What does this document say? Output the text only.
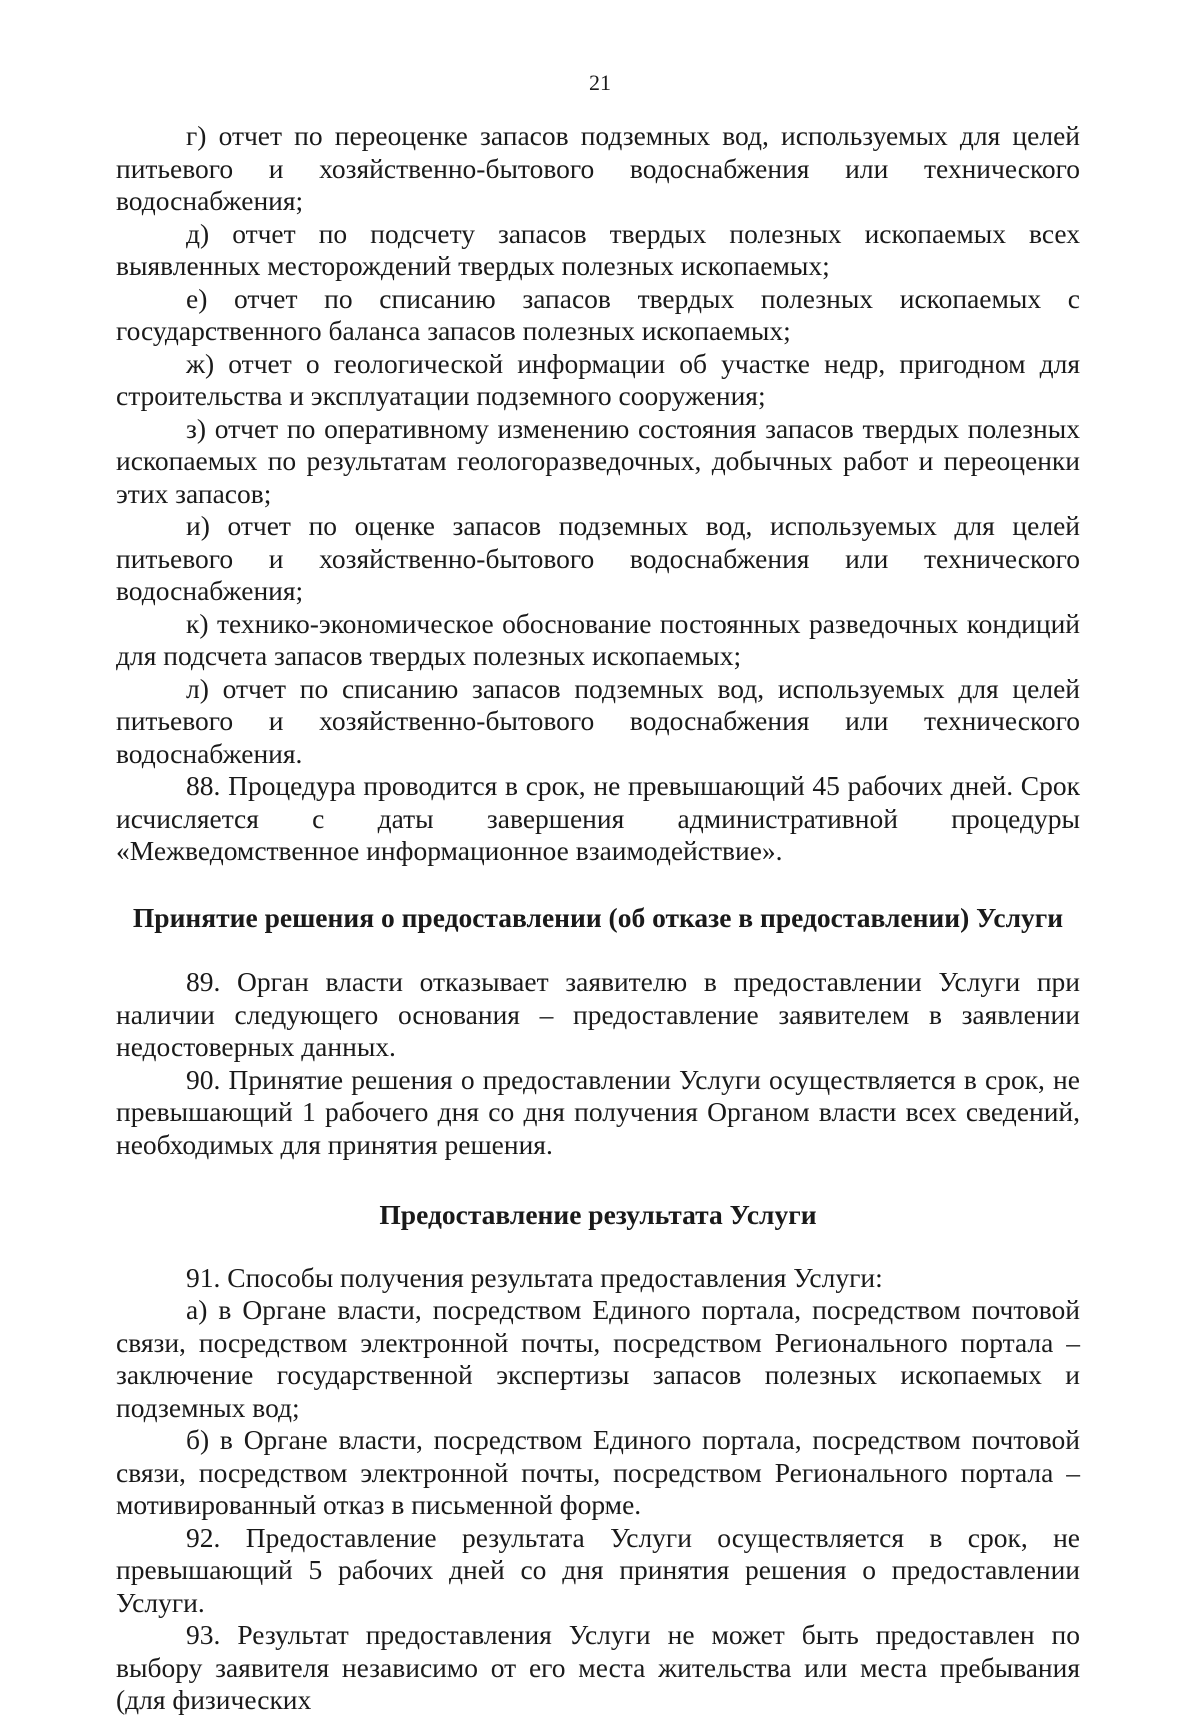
21

г) отчет по переоценке запасов подземных вод, используемых для целей питьевого и хозяйственно-бытового водоснабжения или технического водоснабжения;

д) отчет по подсчету запасов твердых полезных ископаемых всех выявленных месторождений твердых полезных ископаемых;

е) отчет по списанию запасов твердых полезных ископаемых с государственного баланса запасов полезных ископаемых;

ж) отчет о геологической информации об участке недр, пригодном для строительства и эксплуатации подземного сооружения;

з) отчет по оперативному изменению состояния запасов твердых полезных ископаемых по результатам геологоразведочных, добычных работ и переоценки этих запасов;

и) отчет по оценке запасов подземных вод, используемых для целей питьевого и хозяйственно-бытового водоснабжения или технического водоснабжения;

к) технико-экономическое обоснование постоянных разведочных кондиций для подсчета запасов твердых полезных ископаемых;

л) отчет по списанию запасов подземных вод, используемых для целей питьевого и хозяйственно-бытового водоснабжения или технического водоснабжения.

88. Процедура проводится в срок, не превышающий 45 рабочих дней. Срок исчисляется с даты завершения административной процедуры «Межведомственное информационное взаимодействие».

Принятие решения о предоставлении (об отказе в предоставлении) Услуги

89. Орган власти отказывает заявителю в предоставлении Услуги при наличии следующего основания – предоставление заявителем в заявлении недостоверных данных.

90. Принятие решения о предоставлении Услуги осуществляется в срок, не превышающий 1 рабочего дня со дня получения Органом власти всех сведений, необходимых для принятия решения.

Предоставление результата Услуги

91. Способы получения результата предоставления Услуги:

а) в Органе власти, посредством Единого портала, посредством почтовой связи, посредством электронной почты, посредством Регионального портала – заключение государственной экспертизы запасов полезных ископаемых и подземных вод;

б) в Органе власти, посредством Единого портала, посредством почтовой связи, посредством электронной почты, посредством Регионального портала – мотивированный отказ в письменной форме.

92. Предоставление результата Услуги осуществляется в срок, не превышающий 5 рабочих дней со дня принятия решения о предоставлении Услуги.

93. Результат предоставления Услуги не может быть предоставлен по выбору заявителя независимо от его места жительства или места пребывания (для физических
